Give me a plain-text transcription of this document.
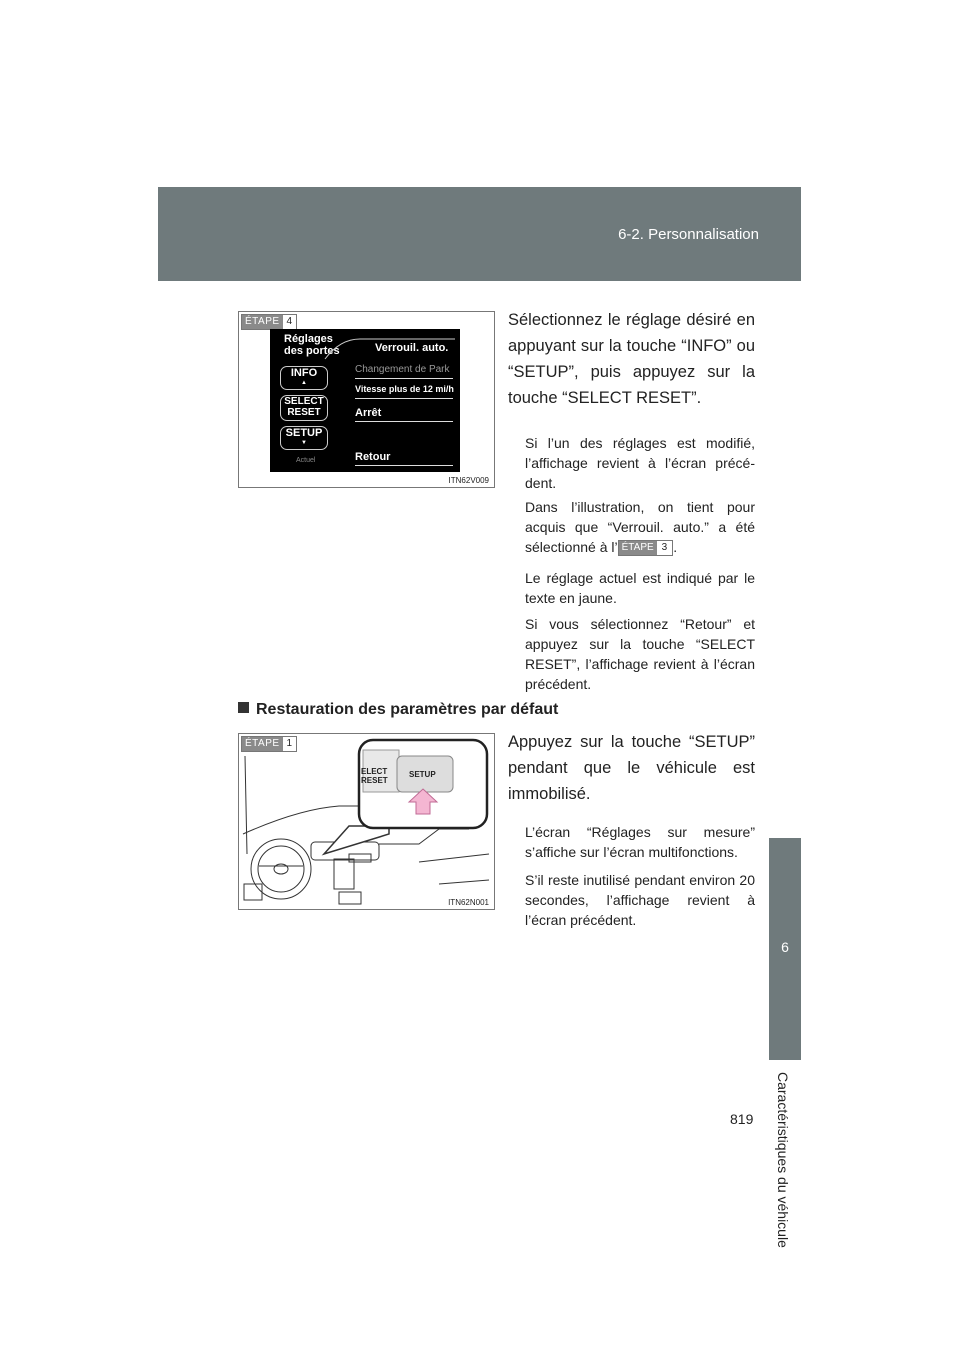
6-2. Personnalisation
6
Caractéristiques du véhicule
ÉTAPE 4
Réglages
des portes	Verrouil. auto.
Changement de Park
Vitesse plus de 12 mi/h
Arrêt
Retour
INFO
▲
SELECT
RESET
SETUP
▼
Actuel
ITN62V009
Sélectionnez le réglage désiré en appuyant sur la touche “INFO” ou “SETUP”, puis appuyez sur la touche “SELECT RESET”.
Si l’un des réglages est modifié, l’affichage revient à l’écran précédent.
Dans l’illustration, on tient pour acquis que “Verrouil. auto.” a été sélectionné à l’ ÉTAPE 3 .
Le réglage actuel est indiqué par le texte en jaune.
Si vous sélectionnez “Retour” et appuyez sur la touche “SELECT RESET”, l’affichage revient à l’écran précédent.
Restauration des paramètres par défaut
ÉTAPE 1
ELECT
RESET
SETUP
ITN62N001
Appuyez sur la touche “SETUP” pendant que le véhicule est immobilisé.
L’écran “Réglages sur mesure” s’affiche sur l’écran multifonctions.
S’il reste inutilisé pendant environ 20 secondes, l’affichage revient à l’écran précédent.
819
